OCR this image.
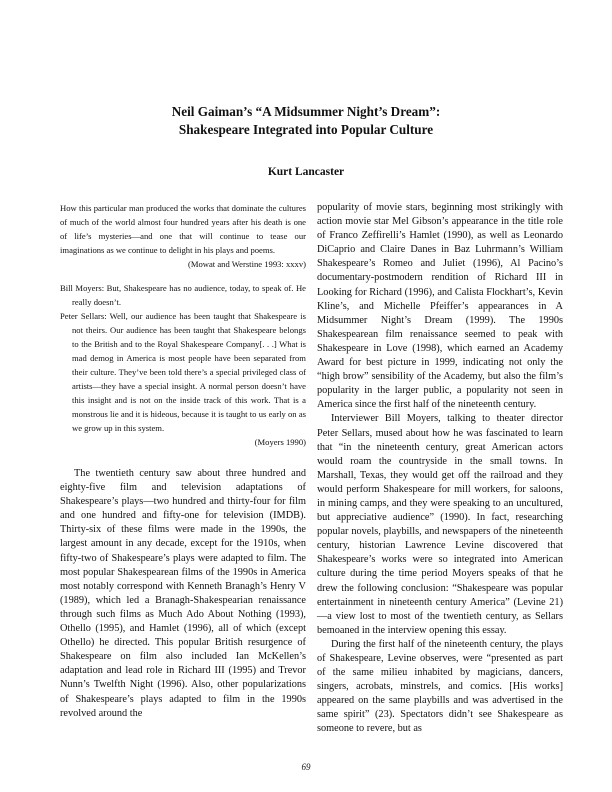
Neil Gaiman’s “A Midsummer Night’s Dream”:
Shakespeare Integrated into Popular Culture
Kurt Lancaster

How this particular man produced the works that dominate the cultures of much of the world almost four hundred years after his death is one of life’s mysteries—and one that will continue to tease our imaginations as we continue to delight in his plays and poems.

(Mowat and Werstine 1993: xxxv)

Bill Moyers: But, Shakespeare has no audience, today, to speak of. He really doesn’t.

Peter Sellars: Well, our audience has been taught that Shakespeare is not theirs. Our audience has been taught that Shakespeare belongs to the British and to the Royal Shakespeare Company[. . .] What is mad demog in America is most people have been separated from their culture. They’ve been told there’s a special privileged class of artists—they have a special insight. A normal person doesn’t have this insight and is not on the inside track of this work. That is a monstrous lie and it is hideous, because it is taught to us early on as we grow up in this system.

(Moyers 1990)

The twentieth century saw about three hundred and eighty-five film and television adaptations of Shakespeare’s plays—two hundred and thirty-four for film and one hundred and fifty-one for television (IMDB). Thirty-six of these films were made in the 1990s, the largest amount in any decade, except for the 1910s, when fifty-two of Shakespeare’s plays were adapted to film. The most popular Shakespearean films of the 1990s in America most notably correspond with Kenneth Branagh’s Henry V (1989), which led a Branagh-Shakespearian renaissance through such films as Much Ado About Nothing (1993), Othello (1995), and Hamlet (1996), all of which (except Othello) he directed. This popular British resurgence of Shakespeare on film also included Ian McKellen’s adaptation and lead role in Richard III (1995) and Trevor Nunn’s Twelfth Night (1996). Also, other popularizations of Shakespeare’s plays adapted to film in the 1990s revolved around the

popularity of movie stars, beginning most strikingly with action movie star Mel Gibson’s appearance in the title role of Franco Zeffirelli’s Hamlet (1990), as well as Leonardo DiCaprio and Claire Danes in Baz Luhrmann’s William Shakespeare’s Romeo and Juliet (1996), Al Pacino’s documentary-postmodern rendition of Richard III in Looking for Richard (1996), and Calista Flockhart’s, Kevin Kline’s, and Michelle Pfeiffer’s appearances in A Midsummer Night’s Dream (1999). The 1990s Shakespearean film renaissance seemed to peak with Shakespeare in Love (1998), which earned an Academy Award for best picture in 1999, indicating not only the “high brow” sensibility of the Academy, but also the film’s popularity in the larger public, a popularity not seen in America since the first half of the nineteenth century.

Interviewer Bill Moyers, talking to theater director Peter Sellars, mused about how he was fascinated to learn that “in the nineteenth century, great American actors would roam the countryside in the small towns. In Marshall, Texas, they would get off the railroad and they would perform Shakespeare for mill workers, for saloons, in mining camps, and they were speaking to an uncultured, but appreciative audience” (1990). In fact, researching popular novels, playbills, and newspapers of the nineteenth century, historian Lawrence Levine discovered that Shakespeare’s works were so integrated into American culture during the time period Moyers speaks of that he drew the following conclusion: “Shakespeare was popular entertainment in nineteenth century America” (Levine 21)—a view lost to most of the twentieth century, as Sellars bemoaned in the interview opening this essay.

During the first half of the nineteenth century, the plays of Shakespeare, Levine observes, were “presented as part of the same milieu inhabited by magicians, dancers, singers, acrobats, minstrels, and comics. [His works] appeared on the same playbills and was advertised in the same spirit” (23). Spectators didn’t see Shakespeare as someone to revere, but as

69
